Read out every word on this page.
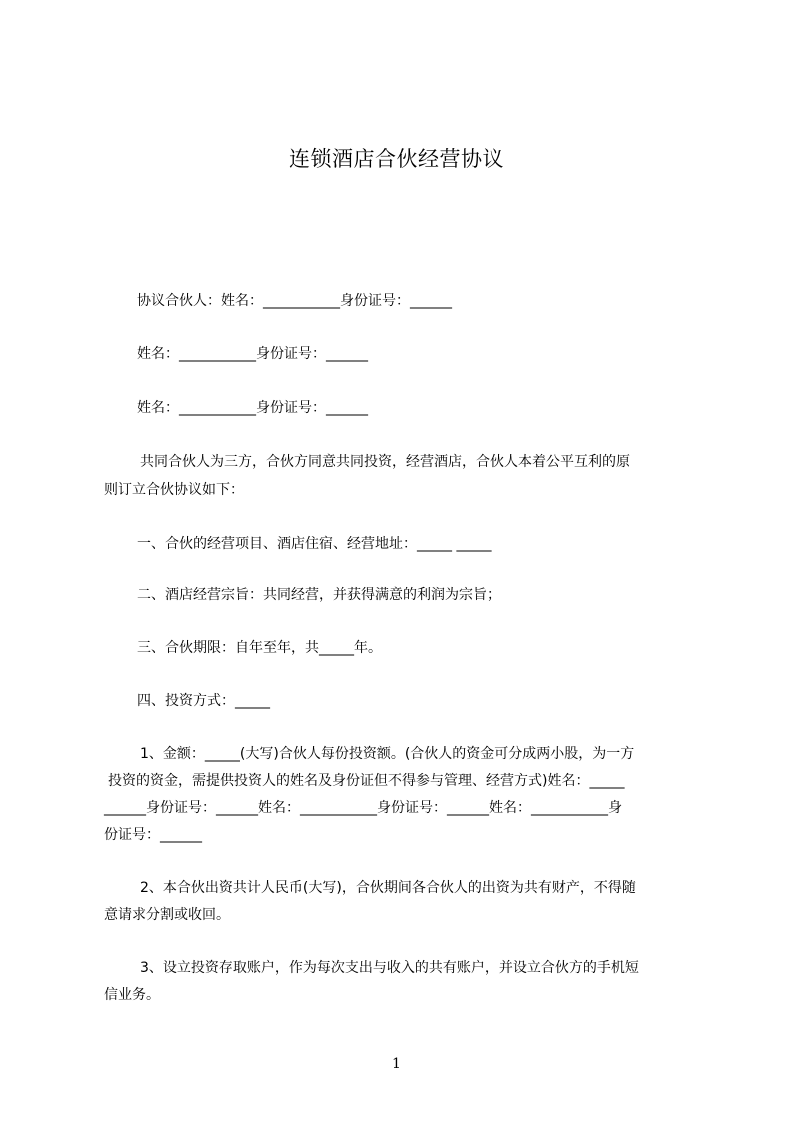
连锁酒店合伙经营协议
协议合伙人：姓名：___________身份证号：______
姓名：___________身份证号：______
姓名：___________身份证号：______
共同合伙人为三方，合伙方同意共同投资，经营酒店，合伙人本着公平互利的原
则订立合伙协议如下：
一、合伙的经营项目、酒店住宿、经营地址：_____ _____
二、酒店经营宗旨：共同经营，并获得满意的利润为宗旨；
三、合伙期限：自年至年，共_____年。
四、投资方式：_____
1、金额：_____(大写)合伙人每份投资额。(合伙人的资金可分成两小股，为一方
投资的资金，需提供投资人的姓名及身份证但不得参与管理、经营方式)姓名：_____
______身份证号：______姓名：___________身份证号：______姓名：___________身
份证号：______
2、本合伙出资共计人民币(大写)，合伙期间各合伙人的出资为共有财产，不得随
意请求分割或收回。
3、设立投资存取账户，作为每次支出与收入的共有账户，并设立合伙方的手机短
信业务。
1
